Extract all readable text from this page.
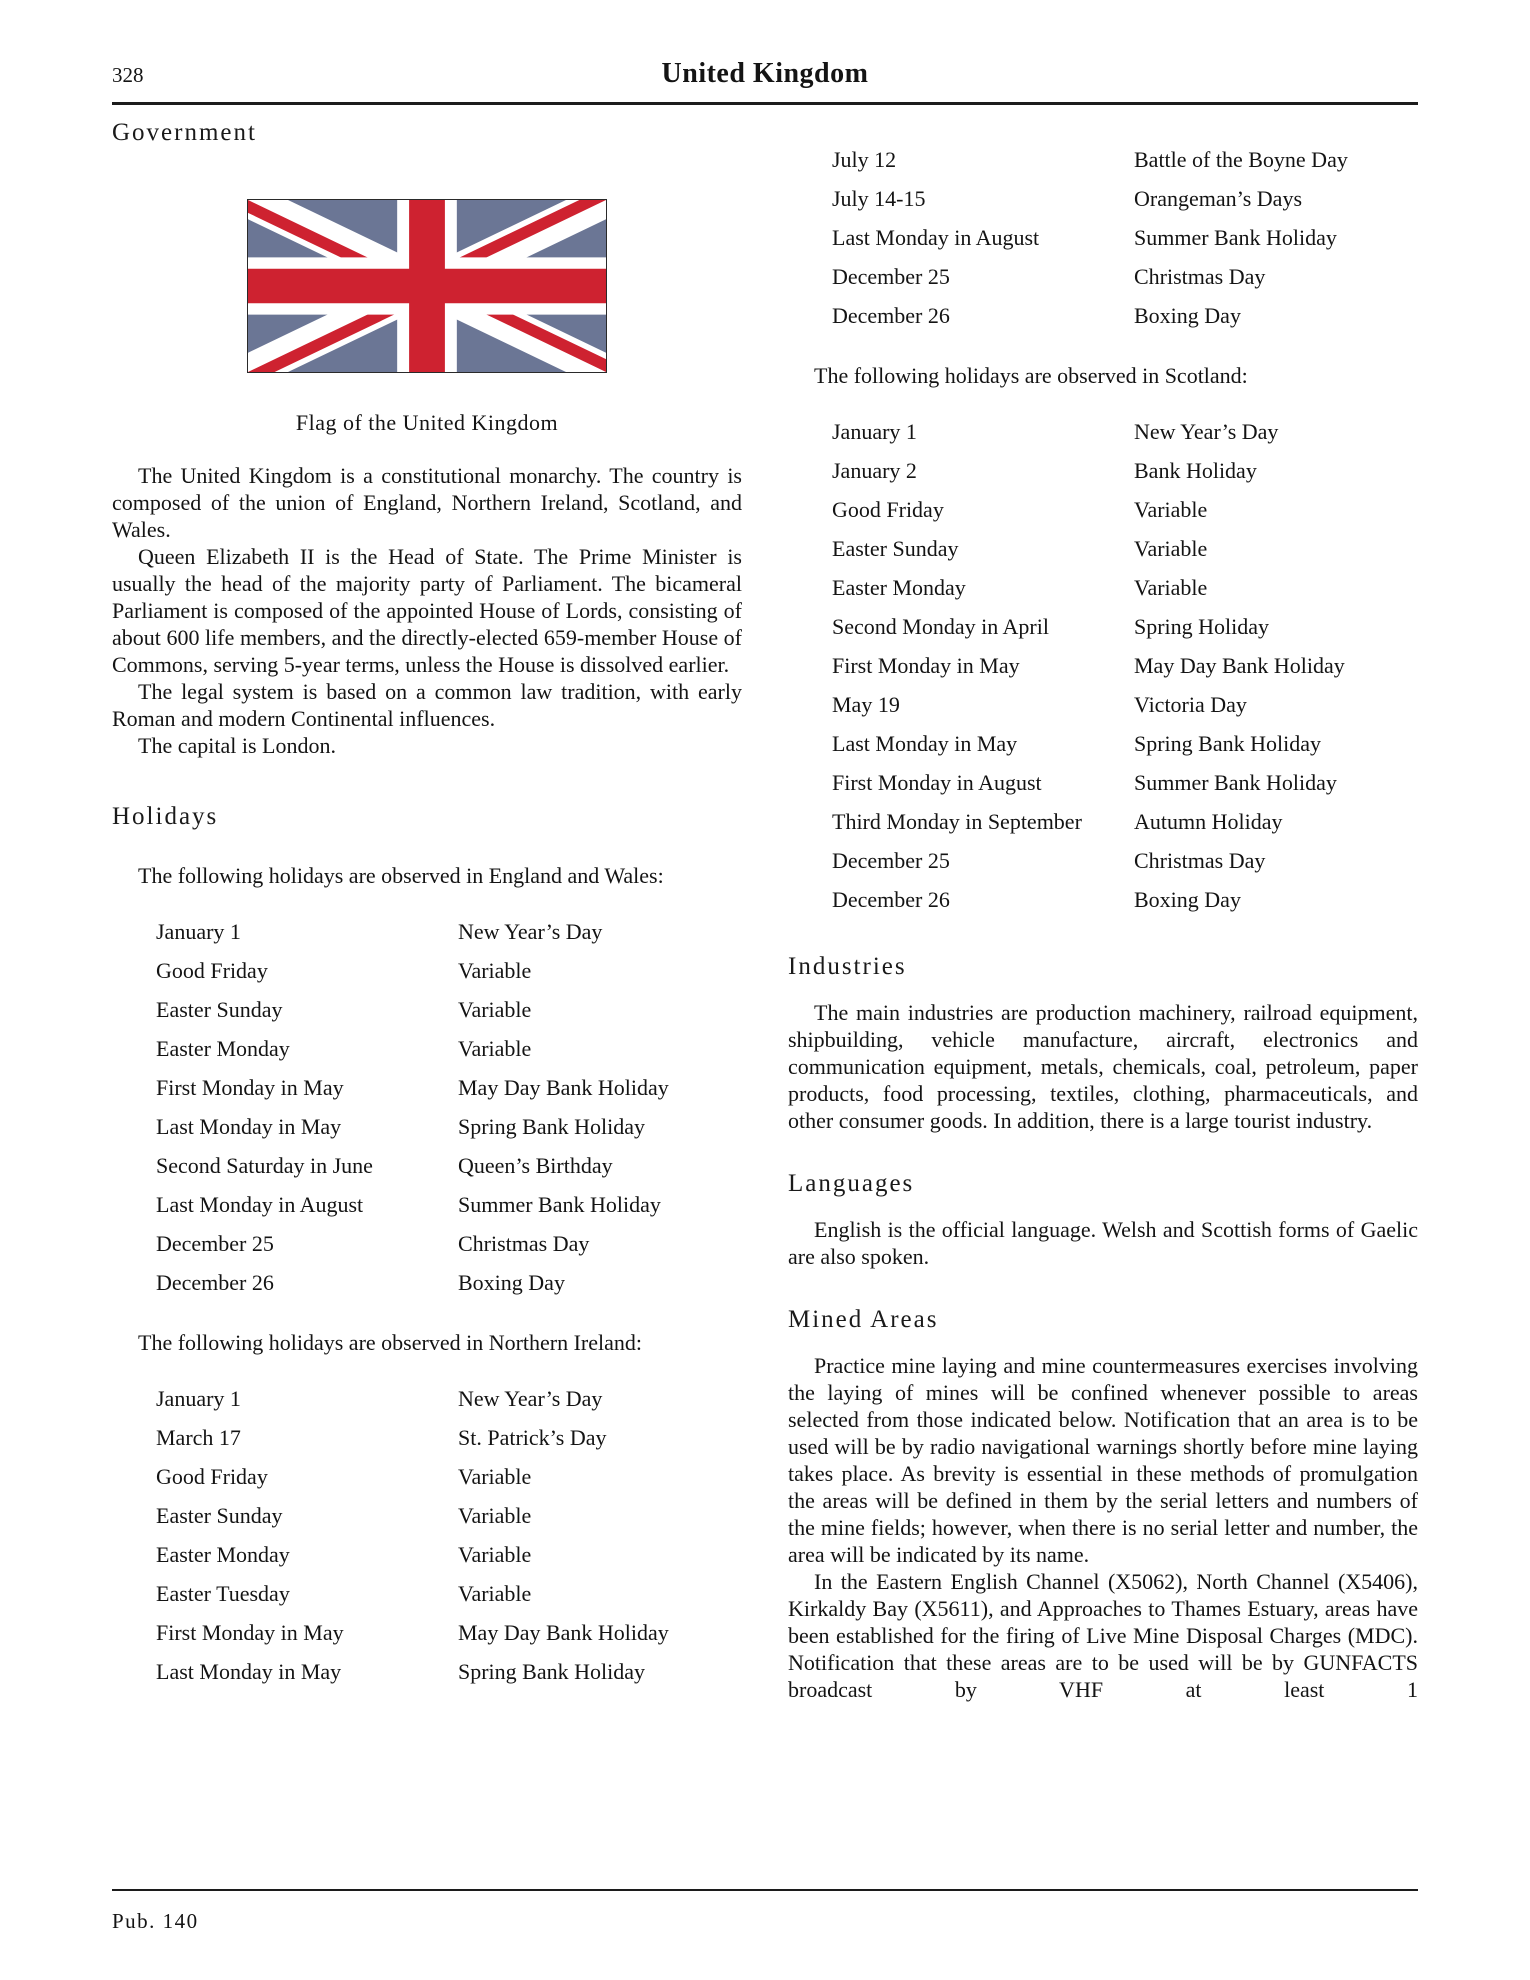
328	United Kingdom
Government
Flag of the United Kingdom

The United Kingdom is a constitutional monarchy. The country is composed of the union of England, Northern Ireland, Scotland, and Wales.

Queen Elizabeth II is the Head of State. The Prime Minister is usually the head of the majority party of Parliament. The bicameral Parliament is composed of the appointed House of Lords, consisting of about 600 life members, and the directly-elected 659-member House of Commons, serving 5-year terms, unless the House is dissolved earlier.

The legal system is based on a common law tradition, with early Roman and modern Continental influences.

The capital is London.

Holidays

The following holidays are observed in England and Wales:

January 1	New Year’s Day
Good Friday	Variable
Easter Sunday	Variable
Easter Monday	Variable
First Monday in May	May Day Bank Holiday
Last Monday in May	Spring Bank Holiday
Second Saturday in June	Queen’s Birthday
Last Monday in August	Summer Bank Holiday
December 25	Christmas Day
December 26	Boxing Day

The following holidays are observed in Northern Ireland:

January 1	New Year’s Day
March 17	St. Patrick’s Day
Good Friday	Variable
Easter Sunday	Variable
Easter Monday	Variable
Easter Tuesday	Variable
First Monday in May	May Day Bank Holiday
Last Monday in May	Spring Bank Holiday
July 12	Battle of the Boyne Day
July 14-15	Orangeman’s Days
Last Monday in August	Summer Bank Holiday
December 25	Christmas Day
December 26	Boxing Day

The following holidays are observed in Scotland:

January 1	New Year’s Day
January 2	Bank Holiday
Good Friday	Variable
Easter Sunday	Variable
Easter Monday	Variable
Second Monday in April	Spring Holiday
First Monday in May	May Day Bank Holiday
May 19	Victoria Day
Last Monday in May	Spring Bank Holiday
First Monday in August	Summer Bank Holiday
Third Monday in September	Autumn Holiday
December 25	Christmas Day
December 26	Boxing Day
Industries

The main industries are production machinery, railroad equipment, shipbuilding, vehicle manufacture, aircraft, electronics and communication equipment, metals, chemicals, coal, petroleum, paper products, food processing, textiles, clothing, pharmaceuticals, and other consumer goods. In addition, there is a large tourist industry.

Languages

English is the official language. Welsh and Scottish forms of Gaelic are also spoken.

Mined Areas

Practice mine laying and mine countermeasures exercises involving the laying of mines will be confined whenever possible to areas selected from those indicated below. Notification that an area is to be used will be by radio navigational warnings shortly before mine laying takes place. As brevity is essential in these methods of promulgation the areas will be defined in them by the serial letters and numbers of the mine fields; however, when there is no serial letter and number, the area will be indicated by its name.

In the Eastern English Channel (X5062), North Channel (X5406), Kirkaldy Bay (X5611), and Approaches to Thames Estuary, areas have been established for the firing of Live Mine Disposal Charges (MDC). Notification that these areas are to be used will be by GUNFACTS broadcast by VHF at least 1

Pub. 140
